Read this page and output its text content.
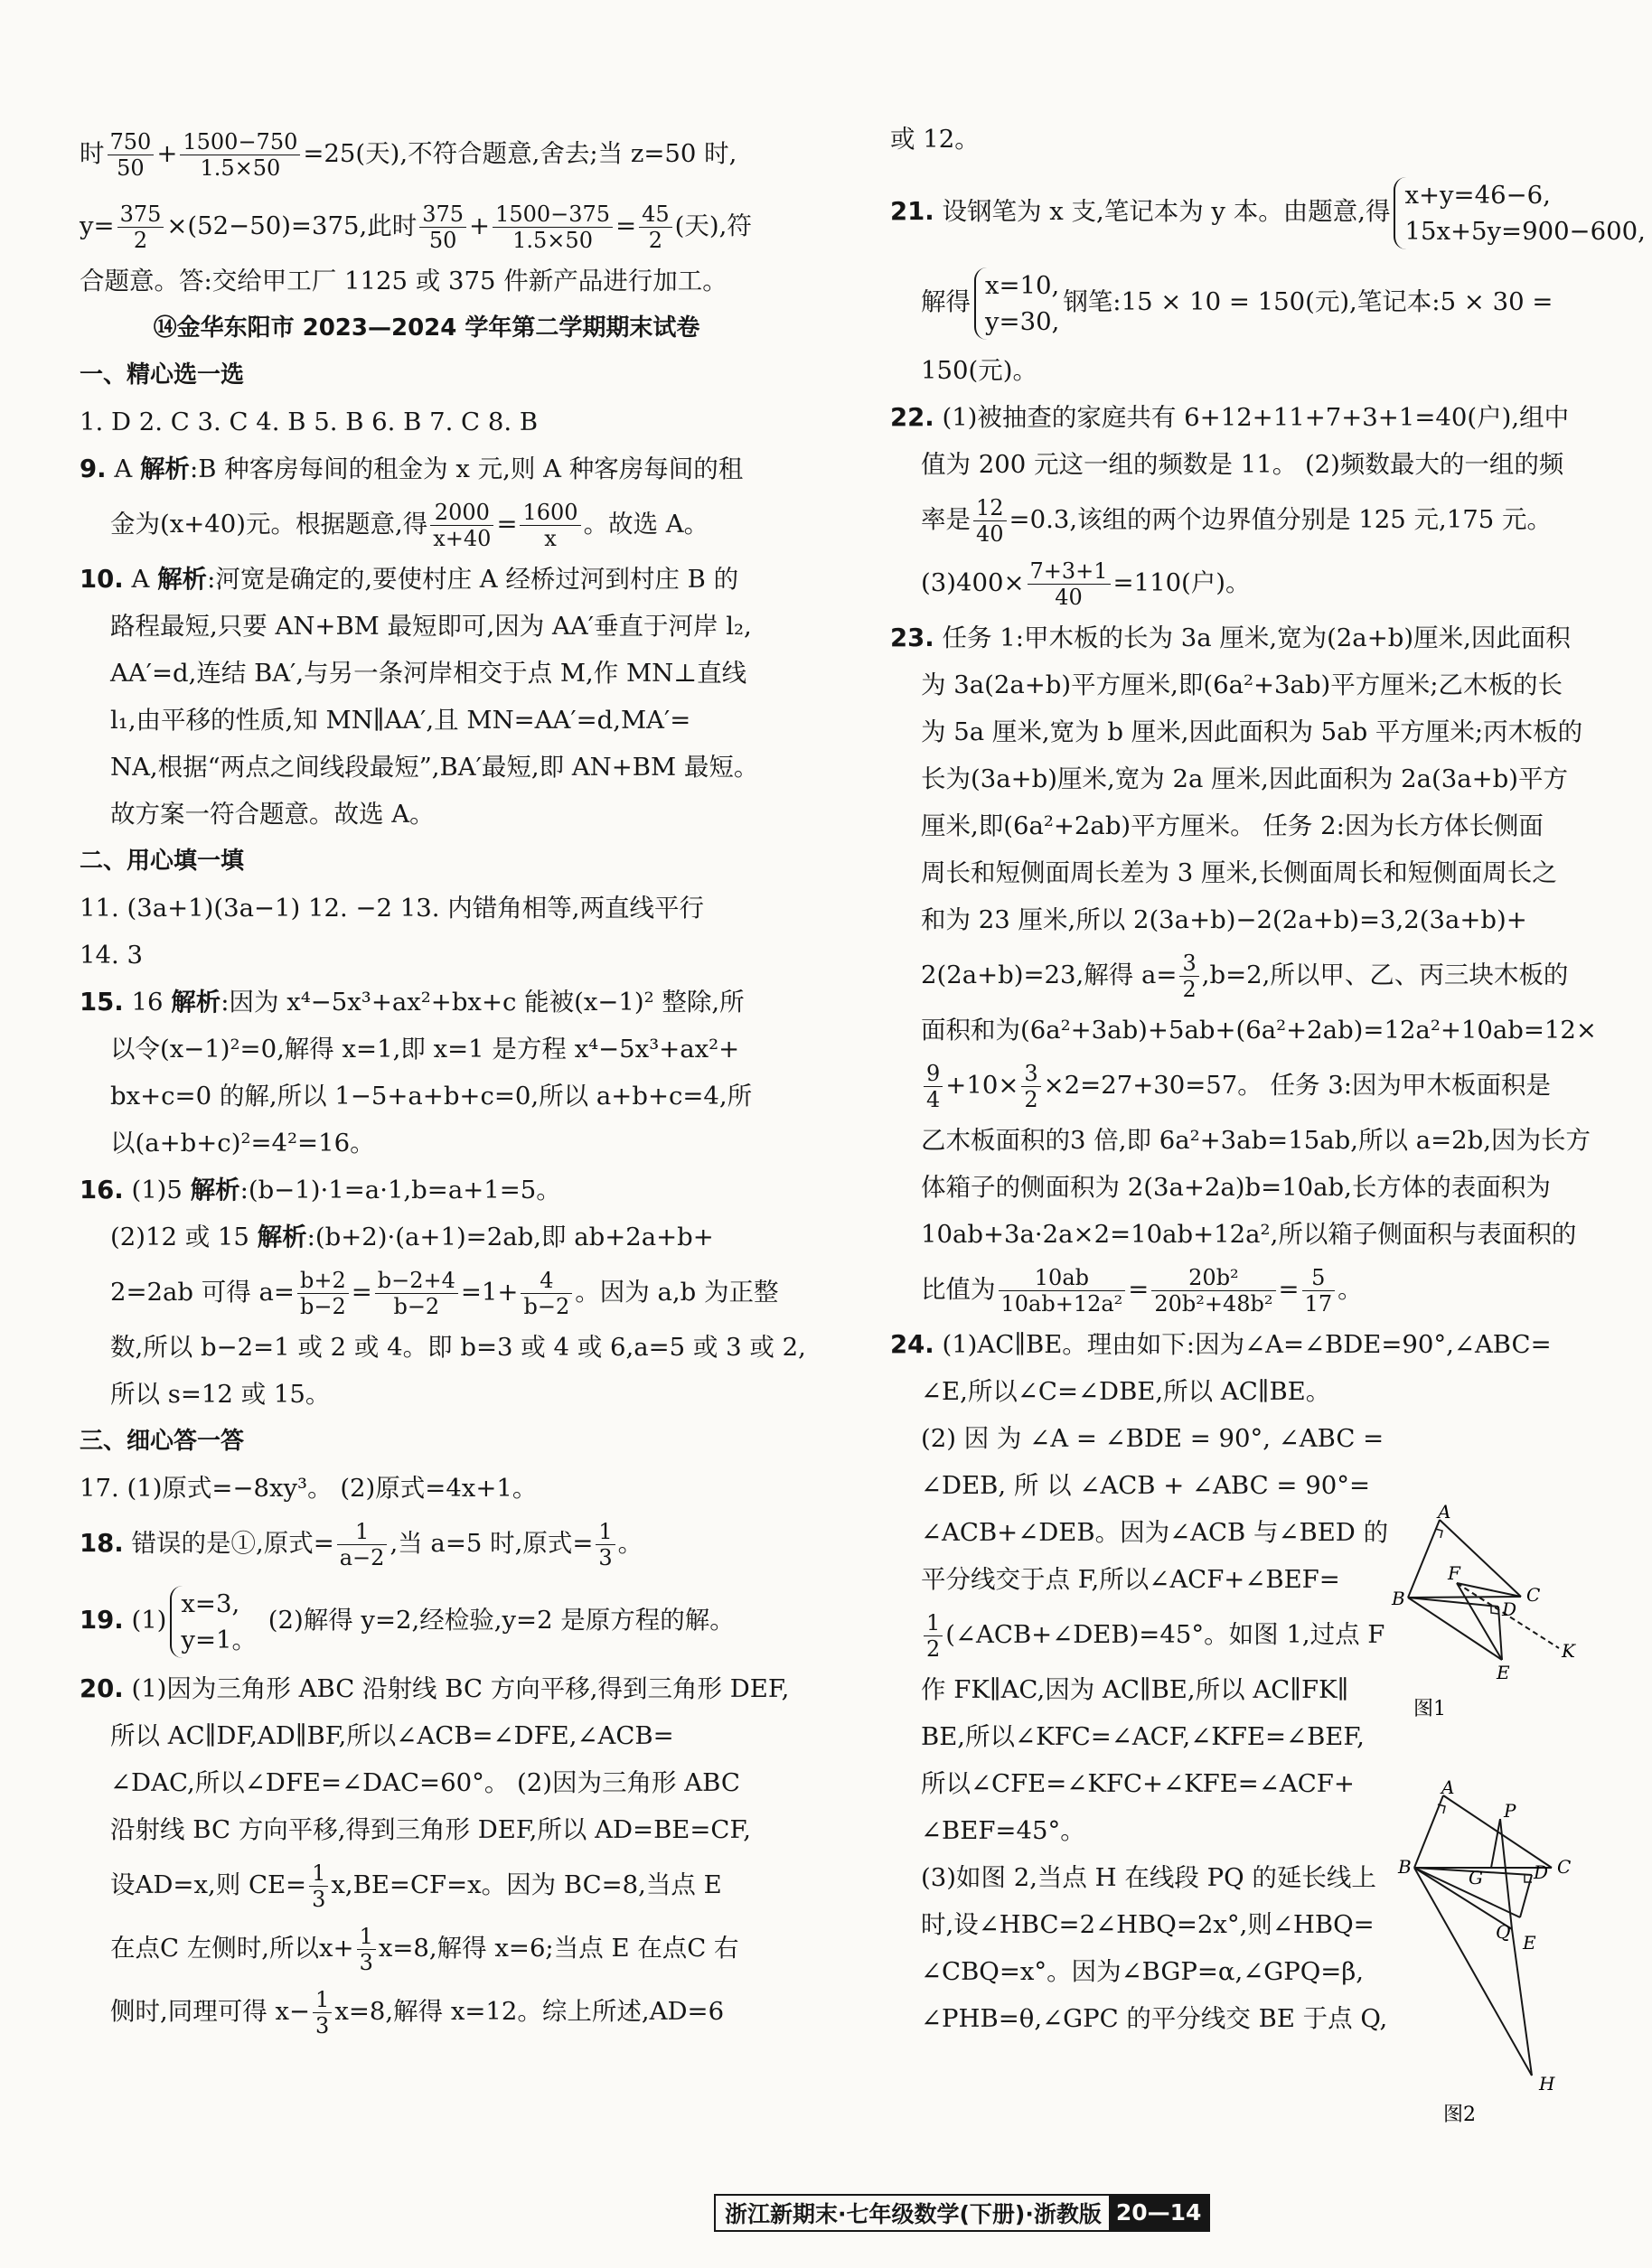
时 $\frac{750}{50} + \frac{1500-750}{1.5\times 50} =25$(天),不符合题意,舍去;当 z=50 时,
$y= \frac{375}{2} \times(52-50)=375$,此时 $\frac{375}{50} + \frac{1500-375}{1.5\times 50} = \frac{45}{2}$ (天),符
合题意。答:交给甲工厂 1125 或 375 件新产品进行加工。
⑭金华东阳市 2023—2024 学年第二学期期末试卷
一、精心选一选
1. D 2. C 3. C 4. B 5. B 6. B 7. C 8. B
9. A 解析:B 种客房每间的租金为 x 元,则 A 种客房每间的租
金为(x+40)元。根据题意,得 $\frac{2000}{x+40} = \frac{1600}{x}$ 。故选 A。
10. A 解析:河宽是确定的,要使村庄 A 经桥过河到村庄 B 的
路程最短,只要 AN+BM 最短即可,因为 AA′垂直于河岸 l₂,
AA′=d,连结 BA′,与另一条河岸相交于点 M,作 MN⊥直线
l₁,由平移的性质,知 MN∥AA′,且 MN=AA′=d,MA′=
NA,根据“两点之间线段最短”,BA′最短,即 AN+BM 最短。
故方案一符合题意。故选 A。
二、用心填一填
11. (3a+1)(3a−1) 12. −2 13. 内错角相等,两直线平行
14. 3
15. 16 解析:因为 x⁴−5x³+ax²+bx+c 能被(x−1)² 整除,所
以令(x−1)²=0,解得 x=1,即 x=1 是方程 x⁴−5x³+ax²+
bx+c=0 的解,所以 1−5+a+b+c=0,所以 a+b+c=4,所
以(a+b+c)²=4²=16。
16. (1)5 解析:(b−1)·1=a·1,b=a+1=5。
(2)12 或 15 解析:(b+2)·(a+1)=2ab,即 ab+2a+b+
2=2ab 可得 $a= \frac{b+2}{b-2} = \frac{b-2+4}{b-2} =1+ \frac{4}{b-2}$ 。因为 a,b 为正整
数,所以 b−2=1 或 2 或 4。即 b=3 或 4 或 6,a=5 或 3 或 2,
所以 s=12 或 15。
三、细心答一答
17. (1)原式=−8xy³。 (2)原式=4x+1。
18. 错误的是①,原式= $\frac{1}{a-2}$ ,当 a=5 时,原式= $\frac{1}{3}$ 。
19. (1)
x=3,
y=1。
(2)解得 y=2,经检验,y=2 是原方程的解。
20. (1)因为三角形 ABC 沿射线 BC 方向平移,得到三角形 DEF,
所以 AC∥DF,AD∥BF,所以∠ACB=∠DFE,∠ACB=
∠DAC,所以∠DFE=∠DAC=60°。 (2)因为三角形 ABC
沿射线 BC 方向平移,得到三角形 DEF,所以 AD=BE=CF,
设AD=x,则 $CE= \frac{1}{3} x,BE=CF=x$。因为 BC=8,当点 E
在点C 左侧时,所以$x+ \frac{1}{3} x=8$,解得 x=6;当点 E 在点C 右
侧时,同理可得 $x- \frac{1}{3} x=8$,解得 x=12。综上所述,AD=6
或 12。
21. 设钢笔为 x 支,笔记本为 y 本。由题意,得
x+y=46−6,
15x+5y=900−600,
解得
x=10,
y=30,
钢笔:15 × 10 = 150(元),笔记本:5 × 30 =
150(元)。
22. (1)被抽查的家庭共有 6+12+11+7+3+1=40(户),组中
值为 200 元这一组的频数是 11。 (2)频数最大的一组的频
率是 $\frac{12}{40} =0.3$,该组的两个边界值分别是 125 元,175 元。
$(3)400\times \frac{7+3+1}{40} =110$(户)。
23. 任务 1:甲木板的长为 3a 厘米,宽为(2a+b)厘米,因此面积
为 3a(2a+b)平方厘米,即(6a²+3ab)平方厘米;乙木板的长
为 5a 厘米,宽为 b 厘米,因此面积为 5ab 平方厘米;丙木板的
长为(3a+b)厘米,宽为 2a 厘米,因此面积为 2a(3a+b)平方
厘米,即(6a²+2ab)平方厘米。 任务 2:因为长方体长侧面
周长和短侧面周长差为 3 厘米,长侧面周长和短侧面周长之
和为 23 厘米,所以 2(3a+b)−2(2a+b)=3,2(3a+b)+
2(2a+b)=23,解得 $a= \frac{3}{2} ,b=2$,所以甲、乙、丙三块木板的
面积和为(6a²+3ab)+5ab+(6a²+2ab)=12a²+10ab=12×
$\frac{9}{4} +10\times \frac{3}{2} \times 2=27+30=57$。 任务 3:因为甲木板面积是
乙木板面积的3 倍,即 6a²+3ab=15ab,所以 a=2b,因为长方
体箱子的侧面积为 2(3a+2a)b=10ab,长方体的表面积为
10ab+3a·2a×2=10ab+12a²,所以箱子侧面积与表面积的
比值为 $\frac{10ab}{\text{10ab+12a²}} = \frac{\text{20b²}}{\text{20b²+48b²}} = \frac{5}{17}$ 。
24. (1)AC∥BE。理由如下:因为∠A=∠BDE=90°,∠ABC=
∠E,所以∠C=∠DBE,所以 AC∥BE。
(2) 因 为 ∠A = ∠BDE = 90°, ∠ABC =
∠DEB, 所 以 ∠ACB + ∠ABC = 90°=
∠ACB+∠DEB。因为∠ACB 与∠BED 的
平分线交于点 F,所以∠ACF+∠BEF=
$\frac{1}{2}$ (∠ACB+∠DEB)=45°。如图 1,过点 F
作 FK∥AC,因为 AC∥BE,所以 AC∥FK∥
BE,所以∠KFC=∠ACF,∠KFE=∠BEF,
所以∠CFE=∠KFC+∠KFE=∠ACF+
∠BEF=45°。
(3)如图 2,当点 H 在线段 PQ 的延长线上
时,设∠HBC=2∠HBQ=2x°,则∠HBQ=
∠CBQ=x°。因为∠BGP=α,∠GPQ=β,
∠PHB=θ,∠GPC 的平分线交 BE 于点 Q,
A
B
F
C
D
K
E
图1
A
P
B	G	D C
Q E
H
图2
浙江新期末·七年级数学(下册)·浙教版 20—14
